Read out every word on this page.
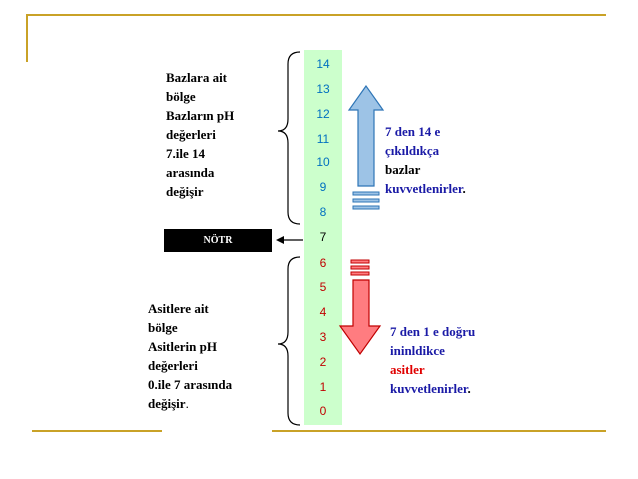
14
13
12
11
10
9
8
7
6
5
4
3
2
1
0
NÖTR
Bazlara ait
bölge
Bazların pH
değerleri
7.ile 14
arasında
değişir
Asitlere ait
bölge
Asitlerin pH
değerleri
0.ile 7 arasında
değişir.
7 den 14 e
çıkıldıkça
bazlar
kuvvetlenirler.
7 den 1 e doğru
ininldikce
asitler
kuvvetlenirler.
